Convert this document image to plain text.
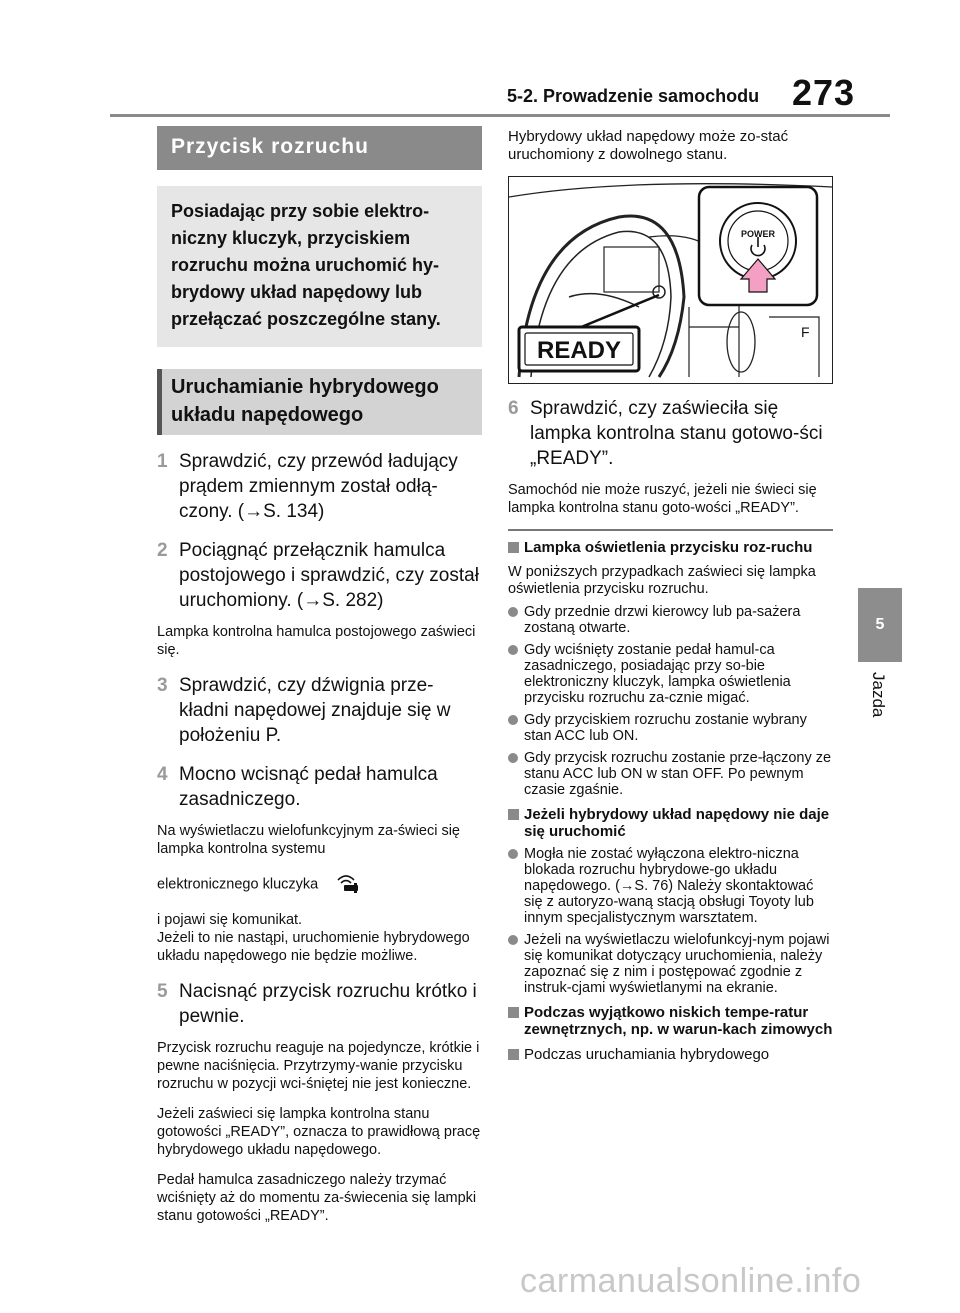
5-2. Prowadzenie samochodu 273
5
Jazda
Przycisk rozruchu
Posiadając przy sobie elektro-niczny kluczyk, przyciskiem rozruchu można uruchomić hy-brydowy układ napędowy lub przełączać poszczególne stany.
Uruchamianie hybrydowego układu napędowego
1 Sprawdzić, czy przewód ładujący prądem zmiennym został odłą-czony. (→S. 134)
2 Pociągnąć przełącznik hamulca postojowego i sprawdzić, czy został uruchomiony. (→S. 282)
Lampka kontrolna hamulca postojowego zaświeci się.
3 Sprawdzić, czy dźwignia prze-kładni napędowej znajduje się w położeniu P.
4 Mocno wcisnąć pedał hamulca zasadniczego.
Na wyświetlaczu wielofunkcyjnym za-świeci się lampka kontrolna systemu
elektronicznego kluczyka
i pojawi się komunikat.
Jeżeli to nie nastąpi, uruchomienie hybrydowego układu napędowego nie będzie możliwe.
5 Nacisnąć przycisk rozruchu krótko i pewnie.
Przycisk rozruchu reaguje na pojedyncze, krótkie i pewne naciśnięcia. Przytrzymy-wanie przycisku rozruchu w pozycji wci-śniętej nie jest konieczne.
Jeżeli zaświeci się lampka kontrolna stanu gotowości „READY”, oznacza to prawidłową pracę hybrydowego układu napędowego.
Pedał hamulca zasadniczego należy trzymać wciśnięty aż do momentu za-świecenia się lampki stanu gotowości „READY”.
Hybrydowy układ napędowy może zo-stać uruchomiony z dowolnego stanu.
POWER
READY
F
6 Sprawdzić, czy zaświeciła się lampka kontrolna stanu gotowo-ści „READY”.
Samochód nie może ruszyć, jeżeli nie świeci się lampka kontrolna stanu goto-wości „READY”.
Lampka oświetlenia przycisku roz-ruchu
W poniższych przypadkach zaświeci się lampka oświetlenia przycisku rozruchu.
Gdy przednie drzwi kierowcy lub pa-sażera zostaną otwarte.
Gdy wciśnięty zostanie pedał hamul-ca zasadniczego, posiadając przy so-bie elektroniczny kluczyk, lampka oświetlenia przycisku rozruchu za-cznie migać.
Gdy przyciskiem rozruchu zostanie wybrany stan ACC lub ON.
Gdy przycisk rozruchu zostanie prze-łączony ze stanu ACC lub ON w stan OFF. Po pewnym czasie zgaśnie.
Jeżeli hybrydowy układ napędowy nie daje się uruchomić
Mogła nie zostać wyłączona elektro-niczna blokada rozruchu hybrydowe-go układu napędowego. (→S. 76) Należy skontaktować się z autoryzo-waną stacją obsługi Toyoty lub innym specjalistycznym warsztatem.
Jeżeli na wyświetlaczu wielofunkcyj-nym pojawi się komunikat dotyczący uruchomienia, należy zapoznać się z nim i postępować zgodnie z instruk-cjami wyświetlanymi na ekranie.
Podczas wyjątkowo niskich tempe-ratur zewnętrznych, np. w warun-kach zimowych
Podczas uruchamiania hybrydowego
carmanualsonline.info
